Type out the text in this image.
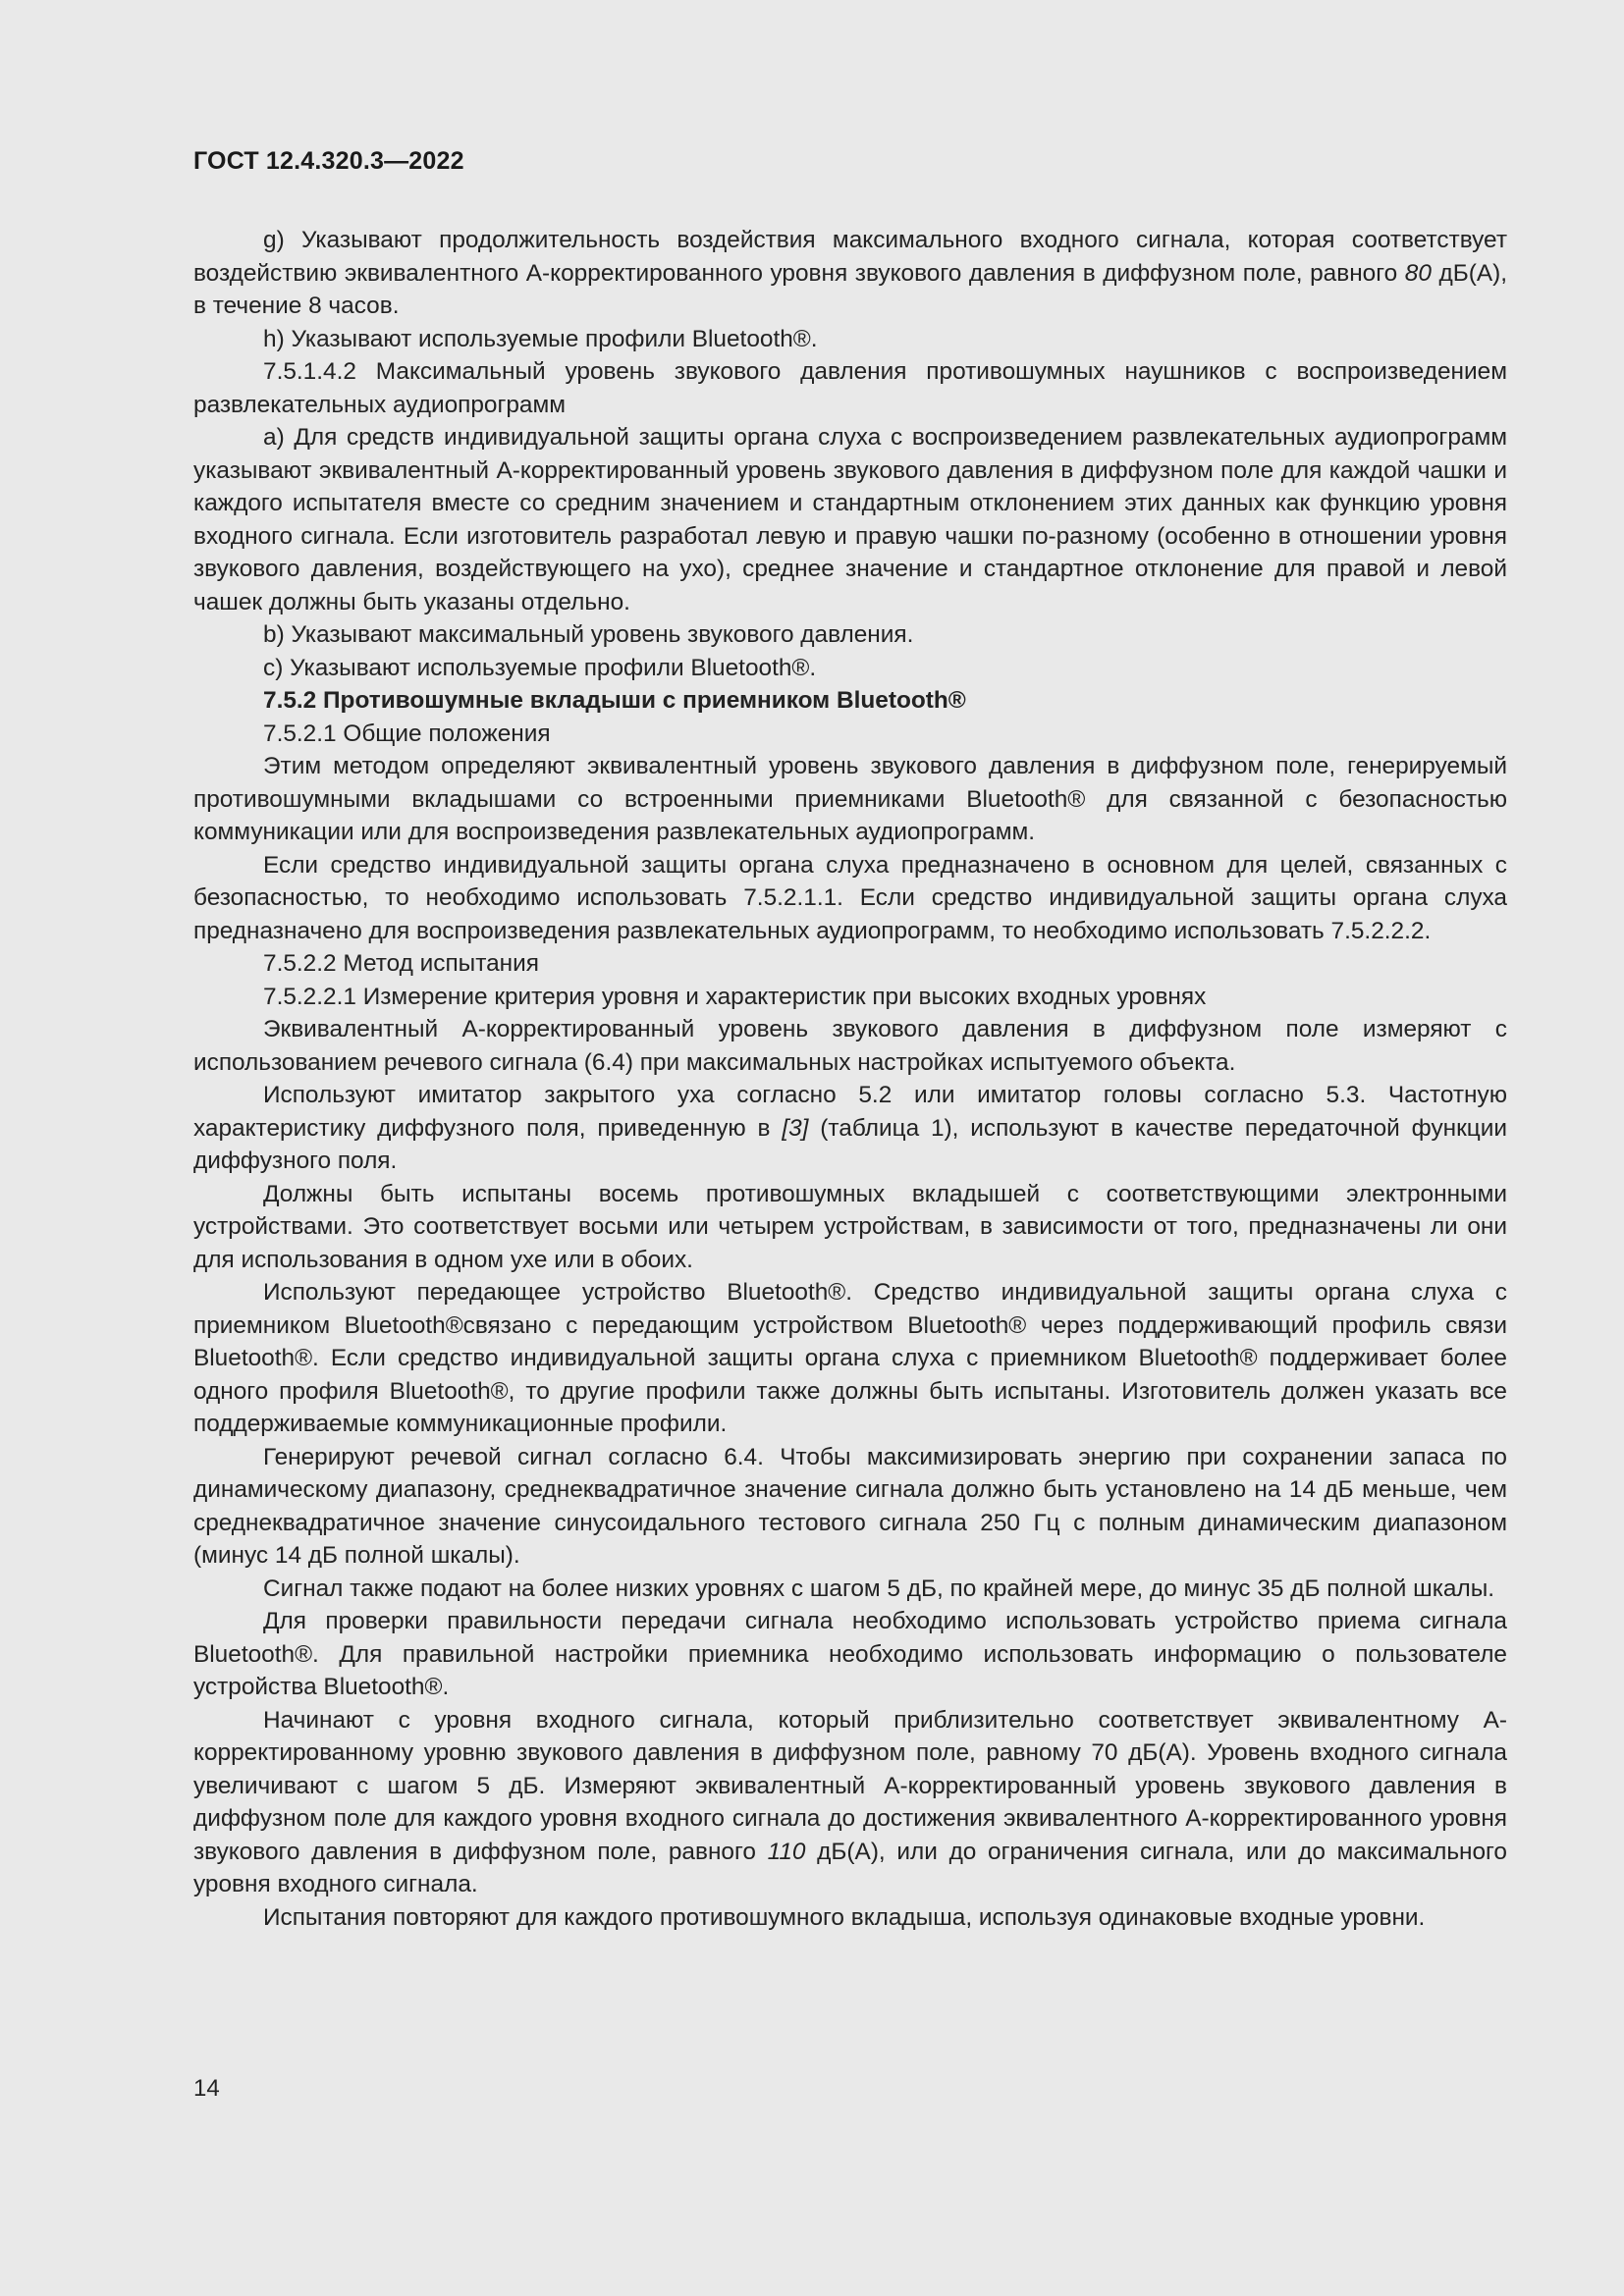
ГОСТ 12.4.320.3—2022

g) Указывают продолжительность воздействия максимального входного сигнала, которая соответствует воздействию эквивалентного А-корректированного уровня звукового давления в диффузном поле, равного 80 дБ(А), в течение 8 часов.

h) Указывают используемые профили Bluetooth®.

7.5.1.4.2 Максимальный уровень звукового давления противошумных наушников с воспроизведением развлекательных аудиопрограмм

a) Для средств индивидуальной защиты органа слуха с воспроизведением развлекательных аудиопрограмм указывают эквивалентный А-корректированный уровень звукового давления в диффузном поле для каждой чашки и каждого испытателя вместе со средним значением и стандартным отклонением этих данных как функцию уровня входного сигнала. Если изготовитель разработал левую и правую чашки по-разному (особенно в отношении уровня звукового давления, воздействующего на ухо), среднее значение и стандартное отклонение для правой и левой чашек должны быть указаны отдельно.

b) Указывают максимальный уровень звукового давления.

c) Указывают используемые профили Bluetooth®.

7.5.2 Противошумные вкладыши с приемником Bluetooth®

7.5.2.1 Общие положения

Этим методом определяют эквивалентный уровень звукового давления в диффузном поле, генерируемый противошумными вкладышами со встроенными приемниками Bluetooth® для связанной с безопасностью коммуникации или для воспроизведения развлекательных аудиопрограмм.

Если средство индивидуальной защиты органа слуха предназначено в основном для целей, связанных с безопасностью, то необходимо использовать 7.5.2.1.1. Если средство индивидуальной защиты органа слуха предназначено для воспроизведения развлекательных аудиопрограмм, то необходимо использовать 7.5.2.2.2.

7.5.2.2 Метод испытания

7.5.2.2.1 Измерение критерия уровня и характеристик при высоких входных уровнях

Эквивалентный А-корректированный уровень звукового давления в диффузном поле измеряют с использованием речевого сигнала (6.4) при максимальных настройках испытуемого объекта.

Используют имитатор закрытого уха согласно 5.2 или имитатор головы согласно 5.3. Частотную характеристику диффузного поля, приведенную в [3] (таблица 1), используют в качестве передаточной функции диффузного поля.

Должны быть испытаны восемь противошумных вкладышей с соответствующими электронными устройствами. Это соответствует восьми или четырем устройствам, в зависимости от того, предназначены ли они для использования в одном ухе или в обоих.

Используют передающее устройство Bluetooth®. Средство индивидуальной защиты органа слуха с приемником Bluetooth®связано с передающим устройством Bluetooth® через поддерживающий профиль связи Bluetooth®. Если средство индивидуальной защиты органа слуха с приемником Bluetooth® поддерживает более одного профиля Bluetooth®, то другие профили также должны быть испытаны. Изготовитель должен указать все поддерживаемые коммуникационные профили.

Генерируют речевой сигнал согласно 6.4. Чтобы максимизировать энергию при сохранении запаса по динамическому диапазону, среднеквадратичное значение сигнала должно быть установлено на 14 дБ меньше, чем среднеквадратичное значение синусоидального тестового сигнала 250 Гц с полным динамическим диапазоном (минус 14 дБ полной шкалы).

Сигнал также подают на более низких уровнях с шагом 5 дБ, по крайней мере, до минус 35 дБ полной шкалы.

Для проверки правильности передачи сигнала необходимо использовать устройство приема сигнала Bluetooth®. Для правильной настройки приемника необходимо использовать информацию о пользователе устройства Bluetooth®.

Начинают с уровня входного сигнала, который приблизительно соответствует эквивалентному А-корректированному уровню звукового давления в диффузном поле, равному 70 дБ(А). Уровень входного сигнала увеличивают с шагом 5 дБ. Измеряют эквивалентный А-корректированный уровень звукового давления в диффузном поле для каждого уровня входного сигнала до достижения эквивалентного А-корректированного уровня звукового давления в диффузном поле, равного 110 дБ(А), или до ограничения сигнала, или до максимального уровня входного сигнала.

Испытания повторяют для каждого противошумного вкладыша, используя одинаковые входные уровни.

14
